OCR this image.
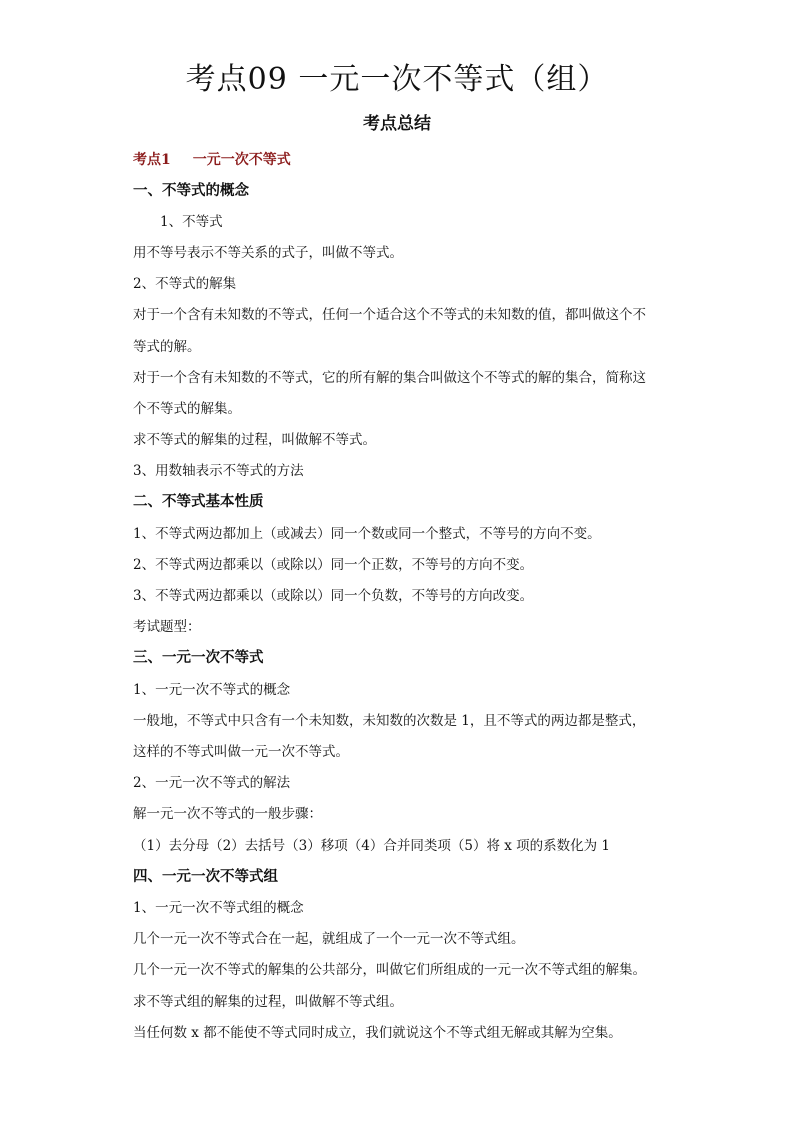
考点09 一元一次不等式（组）
考点总结
考点1 一元一次不等式
一、不等式的概念
1、不等式
用不等号表示不等关系的式子，叫做不等式。
2、不等式的解集
对于一个含有未知数的不等式，任何一个适合这个不等式的未知数的值，都叫做这个不
等式的解。
对于一个含有未知数的不等式，它的所有解的集合叫做这个不等式的解的集合，简称这
个不等式的解集。
求不等式的解集的过程，叫做解不等式。
3、用数轴表示不等式的方法
二、不等式基本性质
1、不等式两边都加上（或减去）同一个数或同一个整式，不等号的方向不变。
2、不等式两边都乘以（或除以）同一个正数，不等号的方向不变。
3、不等式两边都乘以（或除以）同一个负数，不等号的方向改变。
考试题型：
三、一元一次不等式
1、一元一次不等式的概念
一般地，不等式中只含有一个未知数，未知数的次数是 1，且不等式的两边都是整式，
这样的不等式叫做一元一次不等式。
2、一元一次不等式的解法
解一元一次不等式的一般步骤：
（1）去分母（2）去括号（3）移项（4）合并同类项（5）将 x 项的系数化为 1
四、一元一次不等式组
1、一元一次不等式组的概念
几个一元一次不等式合在一起，就组成了一个一元一次不等式组。
几个一元一次不等式的解集的公共部分，叫做它们所组成的一元一次不等式组的解集。
求不等式组的解集的过程，叫做解不等式组。
当任何数 x 都不能使不等式同时成立，我们就说这个不等式组无解或其解为空集。
